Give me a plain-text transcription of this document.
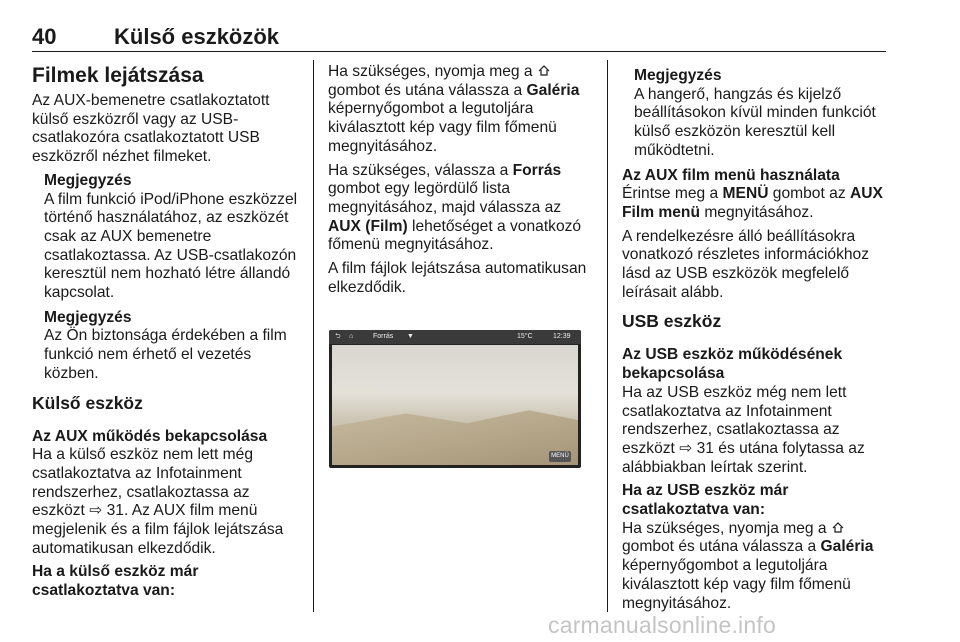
40	Külső eszközök
Filmek lejátszása

Az AUX-bemenetre csatlakoztatott külső eszközről vagy az USB-csatlakozóra csatlakoztatott USB eszközről nézhet filmeket.

Megjegyzés
A film funkció iPod/iPhone eszközzel történő használatához, az eszközét csak az AUX bemenetre csatlakoztassa. Az USB-csatlakozón keresztül nem hozható létre állandó kapcsolat.
Megjegyzés
Az Ön biztonsága érdekében a film funkció nem érhető el vezetés közben.
Külső eszköz
Az AUX működés bekapcsolása

Ha a külső eszköz nem lett még csatlakoztatva az Infotainment rendszerhez, csatlakoztassa az eszközt ⇨ 31. Az AUX film menü megjelenik és a film fájlok lejátszása automatikusan elkezdődik.

Ha a külső eszköz már csatlakoztatva van:

Ha szükséges, nyomja meg a  gombot és utána válassza a Galéria képernyőgombot a legutoljára kiválasztott kép vagy film főmenü megnyitásához.

Ha szükséges, válassza a Forrás gombot egy legördülő lista megnyitásához, majd válassza az AUX (Film) lehetőséget a vonatkozó főmenü megnyitásához.

A film fájlok lejátszása automatikusan elkezdődik.

⮌ ⌂	Forrás ▼	15°C	12:39
MENÜ
Megjegyzés
A hangerő, hangzás és kijelző beállításokon kívül minden funkciót külső eszközön keresztül kell működtetni.
Az AUX film menü használata

Érintse meg a MENÜ gombot az AUX Film menü megnyitásához.

A rendelkezésre álló beállításokra vonatkozó részletes információkhoz lásd az USB eszközök megfelelő leírásait alább.

USB eszköz
Az USB eszköz működésének bekapcsolása

Ha az USB eszköz még nem lett csatlakoztatva az Infotainment rendszerhez, csatlakoztassa az eszközt ⇨ 31 és utána folytassa az alábbiakban leírtak szerint.

Ha az USB eszköz már csatlakoztatva van:

Ha szükséges, nyomja meg a  gombot és utána válassza a Galéria képernyőgombot a legutoljára kiválasztott kép vagy film főmenü megnyitásához.

carmanualsonline.info
